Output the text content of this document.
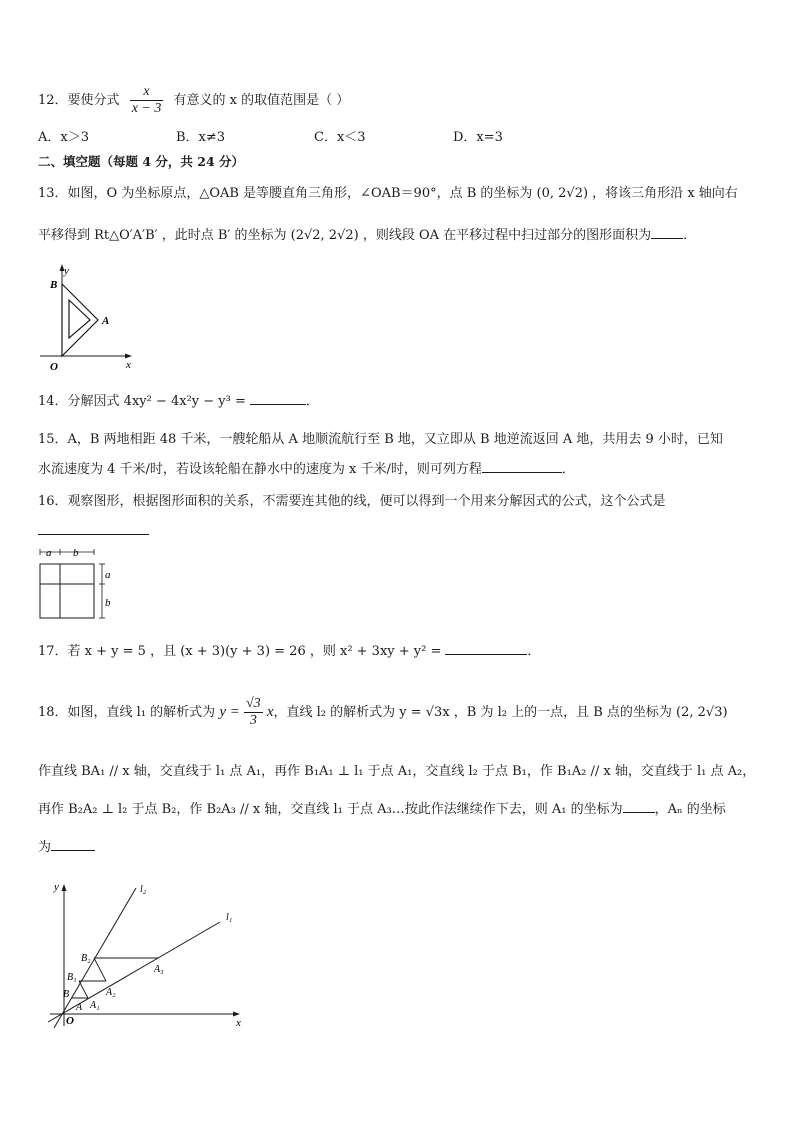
12．要使分式 $\frac{x}{x - 3}$ 有意义的 x 的取值范围是（ ）
A．x＞3	B．x≠3	C．x＜3	D．x=3
二、填空题（每题 4 分，共 24 分）
13．如图，O 为坐标原点，△OAB 是等腰直角三角形，∠OAB＝90°，点 B 的坐标为 (0, 2√2) ，将该三角形沿 x 轴向右
平移得到 Rt△O′A′B′ ，此时点 B′ 的坐标为 (2√2, 2√2) ，则线段 OA 在平移过程中扫过部分的图形面积为 ．
y
B
A
O	x
14．分解因式 4xy² − 4x²y − y³ =	．
15．A，B 两地相距 48 千米，一艘轮船从 A 地顺流航行至 B 地，又立即从 B 地逆流返回 A 地，共用去 9 小时，已知
水流速度为 4 千米/时，若设该轮船在静水中的速度为 x 千米/时，则可列方程	．
16．观察图形，根据图形面积的关系，不需要连其他的线，便可以得到一个用来分解因式的公式，这个公式是
a b
a
b
17．若 x + y = 5 ，且 (x + 3)(y + 3) = 26 ，则 x² + 3xy + y² =	．
18．如图，直线 l₁ 的解析式为 $y = \frac{√3}{3}$ x，直线 l₂ 的解析式为 y = √3x ，B 为 l₂ 上的一点，且 B 点的坐标为 (2, 2√3)
作直线 BA₁ // x 轴，交直线于 l₁ 点 A₁，再作 B₁A₁ ⊥ l₁ 于点 A₁，交直线 l₂ 于点 B₁，作 B₁A₂ // x 轴，交直线于 l₁ 点 A₂，
再作 B₂A₂ ⊥ l₂ 于点 B₂，作 B₂A₃ // x 轴，交直线 l₁ 于点 A₃…按此作法继续作下去，则 A₁ 的坐标为 ，Aₙ 的坐标
为
y
x
O
l₂
l₁
B
B₁
B₂
A A₁
A₂
A₃
